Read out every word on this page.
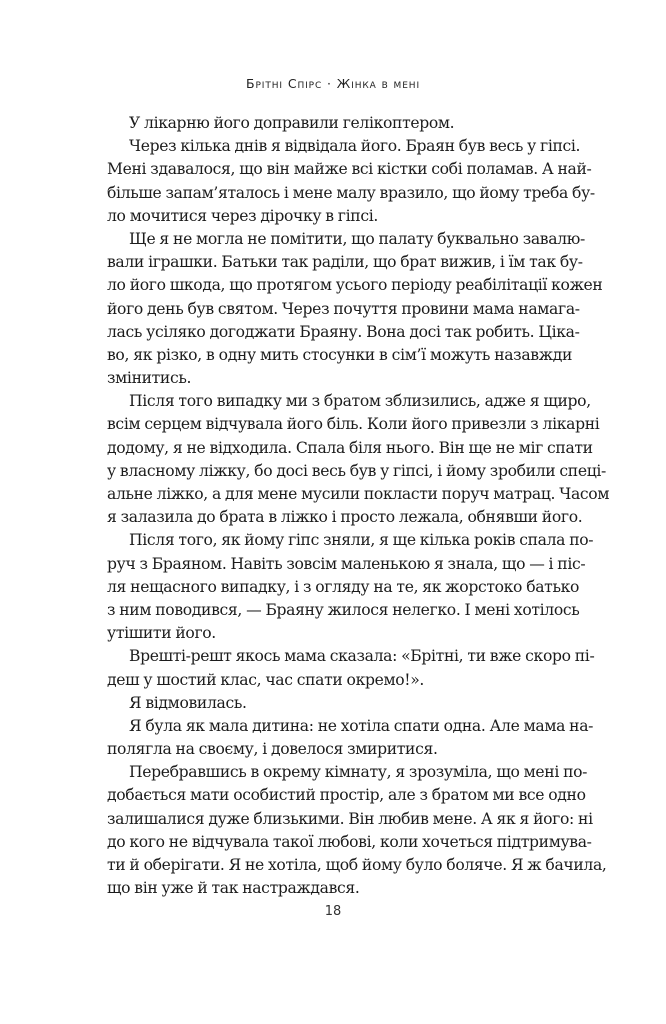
Брітні Спірс · Жінка в мені

У лікарню його доправили гелікоптером.

Через кілька днів я відвідала його. Браян був весь у гіпсі.
Мені здавалося, що він майже всі кістки собі поламав. А най-
більше запам’яталось і мене малу вразило, що йому треба бу-
ло мочитися через дірочку в гіпсі.

Ще я не могла не помітити, що палату буквально завалю-
вали іграшки. Батьки так раділи, що брат вижив, і їм так бу-
ло його шкода, що протягом усього періоду реабілітації кожен
його день був святом. Через почуття провини мама намага-
лась усіляко догоджати Браяну. Вона досі так робить. Ціка-
во, як різко, в одну мить стосунки в сім’ї можуть назавжди
змінитись.

Після того випадку ми з братом зблизились, адже я щиро,
всім серцем відчувала його біль. Коли його привезли з лікарні
додому, я не відходила. Спала біля нього. Він ще не міг спати
у власному ліжку, бо досі весь був у гіпсі, і йому зробили спеці-
альне ліжко, а для мене мусили покласти поруч матрац. Часом
я залазила до брата в ліжко і просто лежала, обнявши його.

Після того, як йому гіпс зняли, я ще кілька років спала по-
руч з Браяном. Навіть зовсім маленькою я знала, що — і піс-
ля нещасного випадку, і з огляду на те, як жорстоко батько
з ним поводився, — Браяну жилося нелегко. І мені хотілось
утішити його.

Врешті-решт якось мама сказала: «Брітні, ти вже скоро пі-
деш у шостий клас, час спати окремо!».

Я відмовилась.

Я була як мала дитина: не хотіла спати одна. Але мама на-
полягла на своєму, і довелося змиритися.

Перебравшись в окрему кімнату, я зрозуміла, що мені по-
добається мати особистий простір, але з братом ми все одно
залишалися дуже близькими. Він любив мене. А як я його: ні
до кого не відчувала такої любові, коли хочеться підтримува-
ти й оберігати. Я не хотіла, щоб йому було боляче. Я ж бачила,
що він уже й так настраждався.

18
